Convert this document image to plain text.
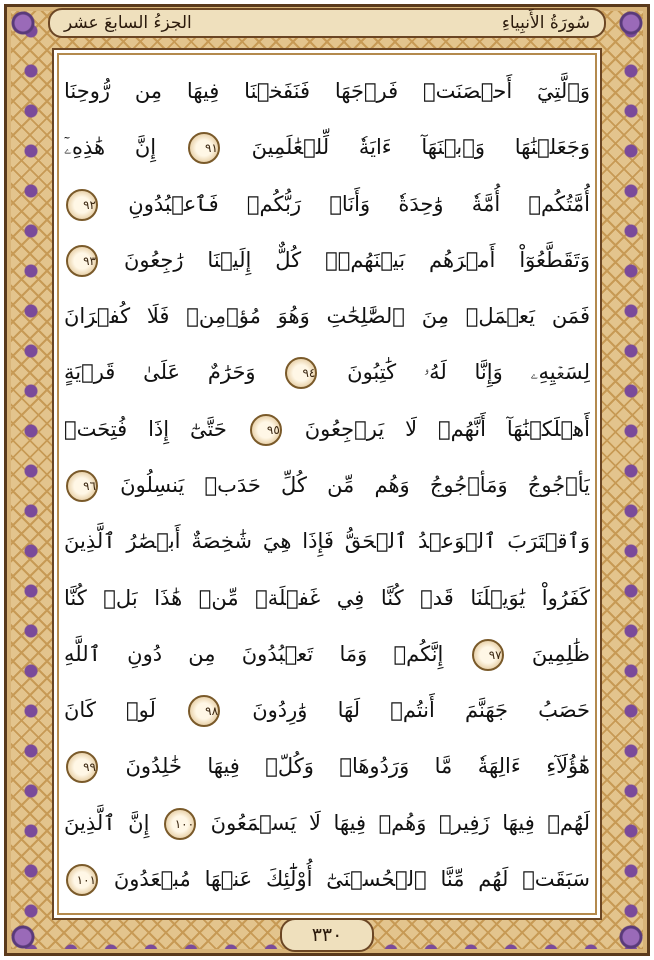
الجزءُ السابعَ عشر	سُورَةُ الأَنبِياءِ
وَٱلَّتِيٓ أَحۡصَنَتۡ فَرۡجَهَا فَنَفَخۡنَا فِيهَا مِن رُّوحِنَا
وَجَعَلۡنَٰهَا وَٱبۡنَهَآ ءَايَةٗ لِّلۡعَٰلَمِينَ ٩١ إِنَّ هَٰذِهِۦٓ
أُمَّتُكُمۡ أُمَّةٗ وَٰحِدَةٗ وَأَنَا۠ رَبُّكُمۡ فَٱعۡبُدُونِ ٩٢
وَتَقَطَّعُوٓاْ أَمۡرَهُم بَيۡنَهُمۡۖ كُلٌّ إِلَيۡنَا رَٰجِعُونَ ٩٣
فَمَن يَعۡمَلۡ مِنَ ٱلصَّٰلِحَٰتِ وَهُوَ مُؤۡمِنٞ فَلَا كُفۡرَانَ
لِسَعۡيِهِۦ وَإِنَّا لَهُۥ كَٰتِبُونَ ٩٤ وَحَرَٰمٌ عَلَىٰ قَرۡيَةٍ
أَهۡلَكۡنَٰهَآ أَنَّهُمۡ لَا يَرۡجِعُونَ ٩٥ حَتَّىٰٓ إِذَا فُتِحَتۡ
يَأۡجُوجُ وَمَأۡجُوجُ وَهُم مِّن كُلِّ حَدَبٖ يَنسِلُونَ ٩٦
وَٱقۡتَرَبَ ٱلۡوَعۡدُ ٱلۡحَقُّ فَإِذَا هِيَ شَٰخِصَةٌ أَبۡصَٰرُ ٱلَّذِينَ
كَفَرُواْ يَٰوَيۡلَنَا قَدۡ كُنَّا فِي غَفۡلَةٖ مِّنۡ هَٰذَا بَلۡ كُنَّا
ظَٰلِمِينَ ٩٧ إِنَّكُمۡ وَمَا تَعۡبُدُونَ مِن دُونِ ٱللَّهِ
حَصَبُ جَهَنَّمَ أَنتُمۡ لَهَا وَٰرِدُونَ ٩٨ لَوۡ كَانَ
هَٰٓؤُلَآءِ ءَالِهَةٗ مَّا وَرَدُوهَاۖ وَكُلّٞ فِيهَا خَٰلِدُونَ ٩٩
لَهُمۡ فِيهَا زَفِيرٞ وَهُمۡ فِيهَا لَا يَسۡمَعُونَ ١٠٠ إِنَّ ٱلَّذِينَ
سَبَقَتۡ لَهُم مِّنَّا ٱلۡحُسۡنَىٰٓ أُوْلَٰٓئِكَ عَنۡهَا مُبۡعَدُونَ ١٠١
٣٣٠
